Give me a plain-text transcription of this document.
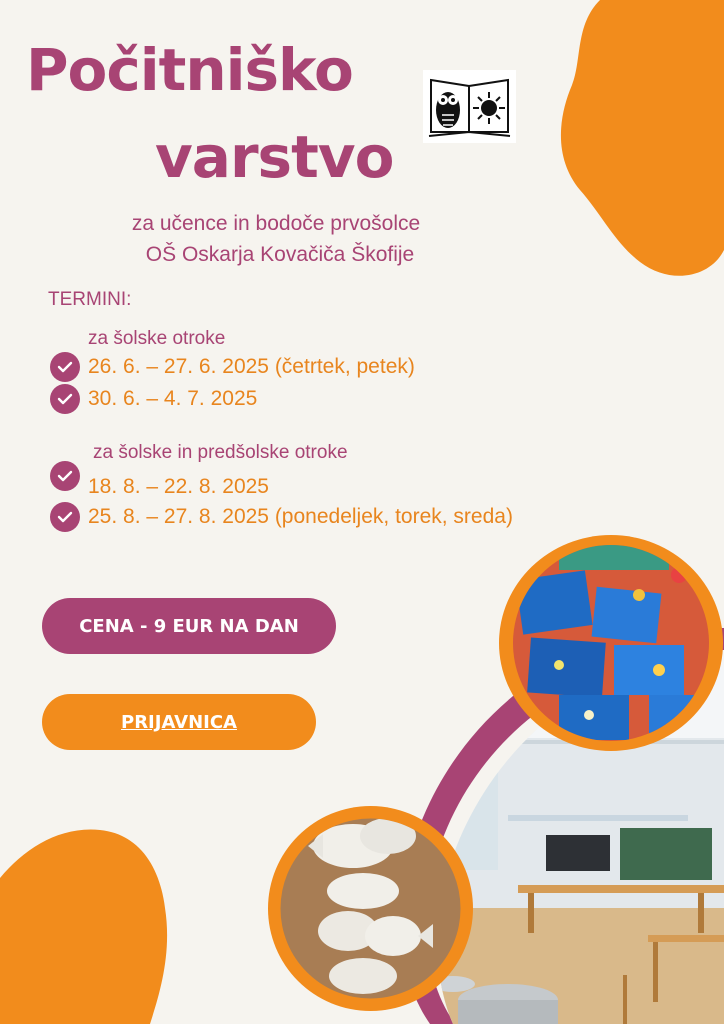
Počitniško
varstvo
za učence in bodoče prvošolce
OŠ Oskarja Kovačiča Škofije
TERMINI:
za šolske otroke
26. 6. – 27. 6. 2025 (četrtek, petek)
30. 6. – 4. 7. 2025
za šolske in predšolske otroke
18. 8. – 22. 8. 2025
25. 8. – 27. 8. 2025 (ponedeljek, torek, sreda)
CENA - 9 EUR NA DAN
PRIJAVNICA
